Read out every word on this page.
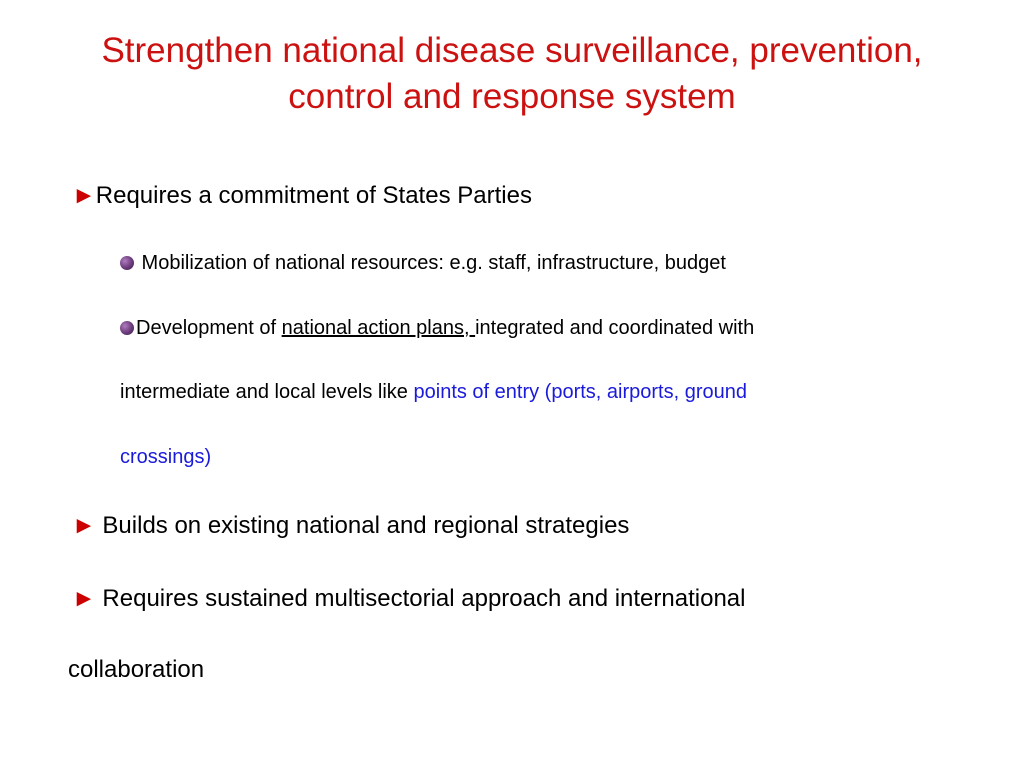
Strengthen national disease surveillance, prevention,
control and response system
►Requires a commitment of States Parties
Mobilization of national resources: e.g. staff, infrastructure, budget
Development of national action plans, integrated and coordinated with
intermediate and local levels like points of entry (ports, airports, ground
crossings)
► Builds on existing national and regional strategies
► Requires sustained multisectorial approach and international
collaboration
